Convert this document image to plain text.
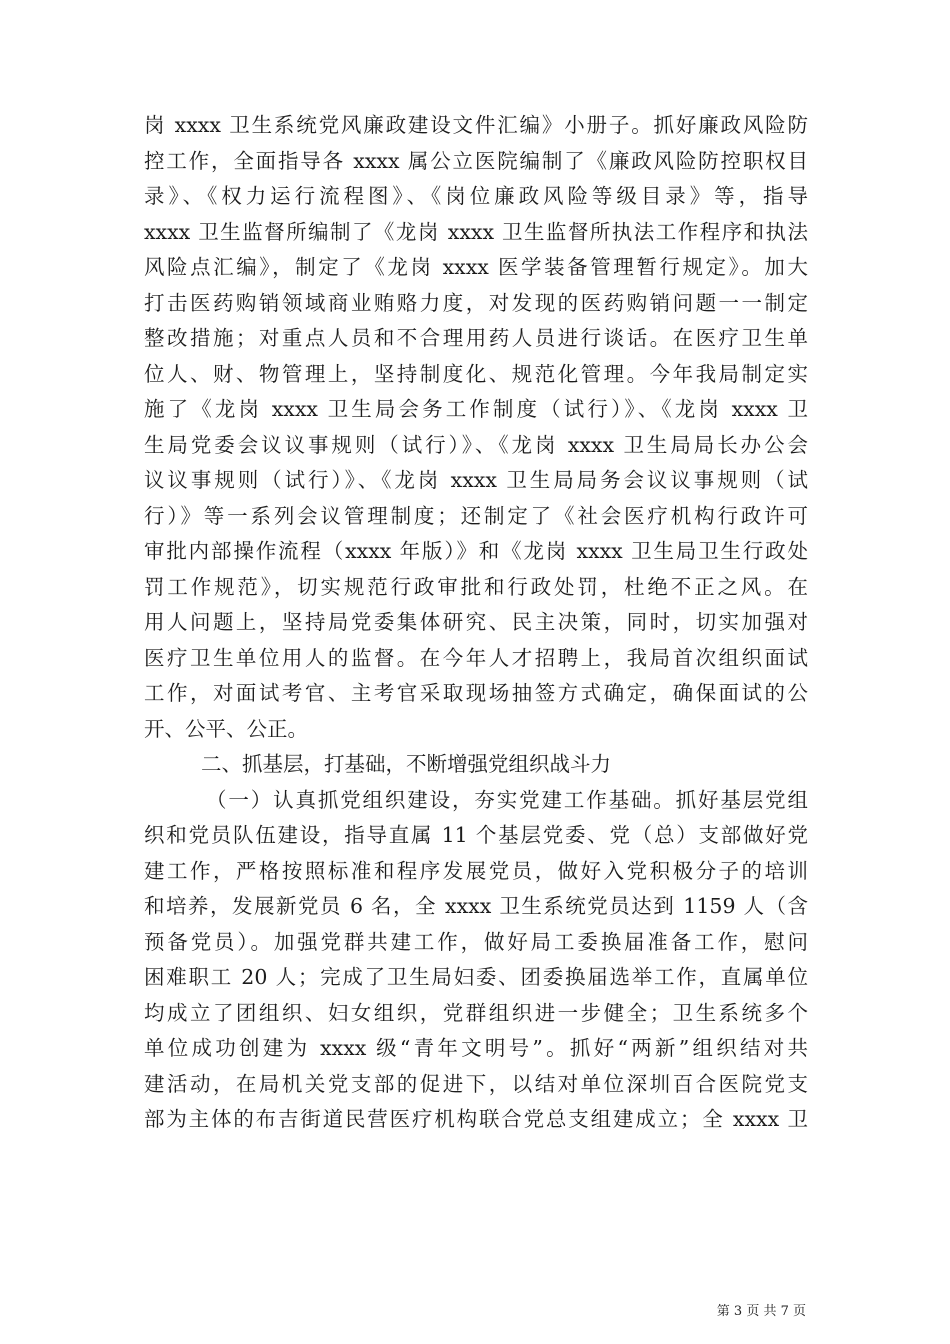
岗 xxxx 卫生系统党风廉政建设文件汇编》小册子。抓好廉政风险防
控工作，全面指导各 xxxx 属公立医院编制了《廉政风险防控职权目
录》、《权力运行流程图》、《岗位廉政风险等级目录》等，指导
xxxx 卫生监督所编制了《龙岗 xxxx 卫生监督所执法工作程序和执法
风险点汇编》，制定了《龙岗 xxxx 医学装备管理暂行规定》。加大
打击医药购销领域商业贿赂力度，对发现的医药购销问题一一制定
整改措施；对重点人员和不合理用药人员进行谈话。在医疗卫生单
位人、财、物管理上，坚持制度化、规范化管理。今年我局制定实
施了《龙岗 xxxx 卫生局会务工作制度（试行）》、《龙岗 xxxx 卫
生局党委会议议事规则（试行）》、《龙岗 xxxx 卫生局局长办公会
议议事规则（试行）》、《龙岗 xxxx 卫生局局务会议议事规则（试
行）》等一系列会议管理制度；还制定了《社会医疗机构行政许可
审批内部操作流程（xxxx 年版）》和《龙岗 xxxx 卫生局卫生行政处
罚工作规范》，切实规范行政审批和行政处罚，杜绝不正之风。在
用人问题上，坚持局党委集体研究、民主决策，同时，切实加强对
医疗卫生单位用人的监督。在今年人才招聘上，我局首次组织面试
工作，对面试考官、主考官采取现场抽签方式确定，确保面试的公
开、公平、公正。
二、抓基层，打基础，不断增强党组织战斗力
（一）认真抓党组织建设，夯实党建工作基础。抓好基层党组
织和党员队伍建设，指导直属 11 个基层党委、党（总）支部做好党
建工作，严格按照标准和程序发展党员，做好入党积极分子的培训
和培养，发展新党员 6 名，全 xxxx 卫生系统党员达到 1159 人（含
预备党员）。加强党群共建工作，做好局工委换届准备工作，慰问
困难职工 20 人；完成了卫生局妇委、团委换届选举工作，直属单位
均成立了团组织、妇女组织，党群组织进一步健全；卫生系统多个
单位成功创建为 xxxx 级“青年文明号”。抓好“两新”组织结对共
建活动，在局机关党支部的促进下，以结对单位深圳百合医院党支
部为主体的布吉街道民营医疗机构联合党总支组建成立；全 xxxx 卫
第 3 页 共 7 页
